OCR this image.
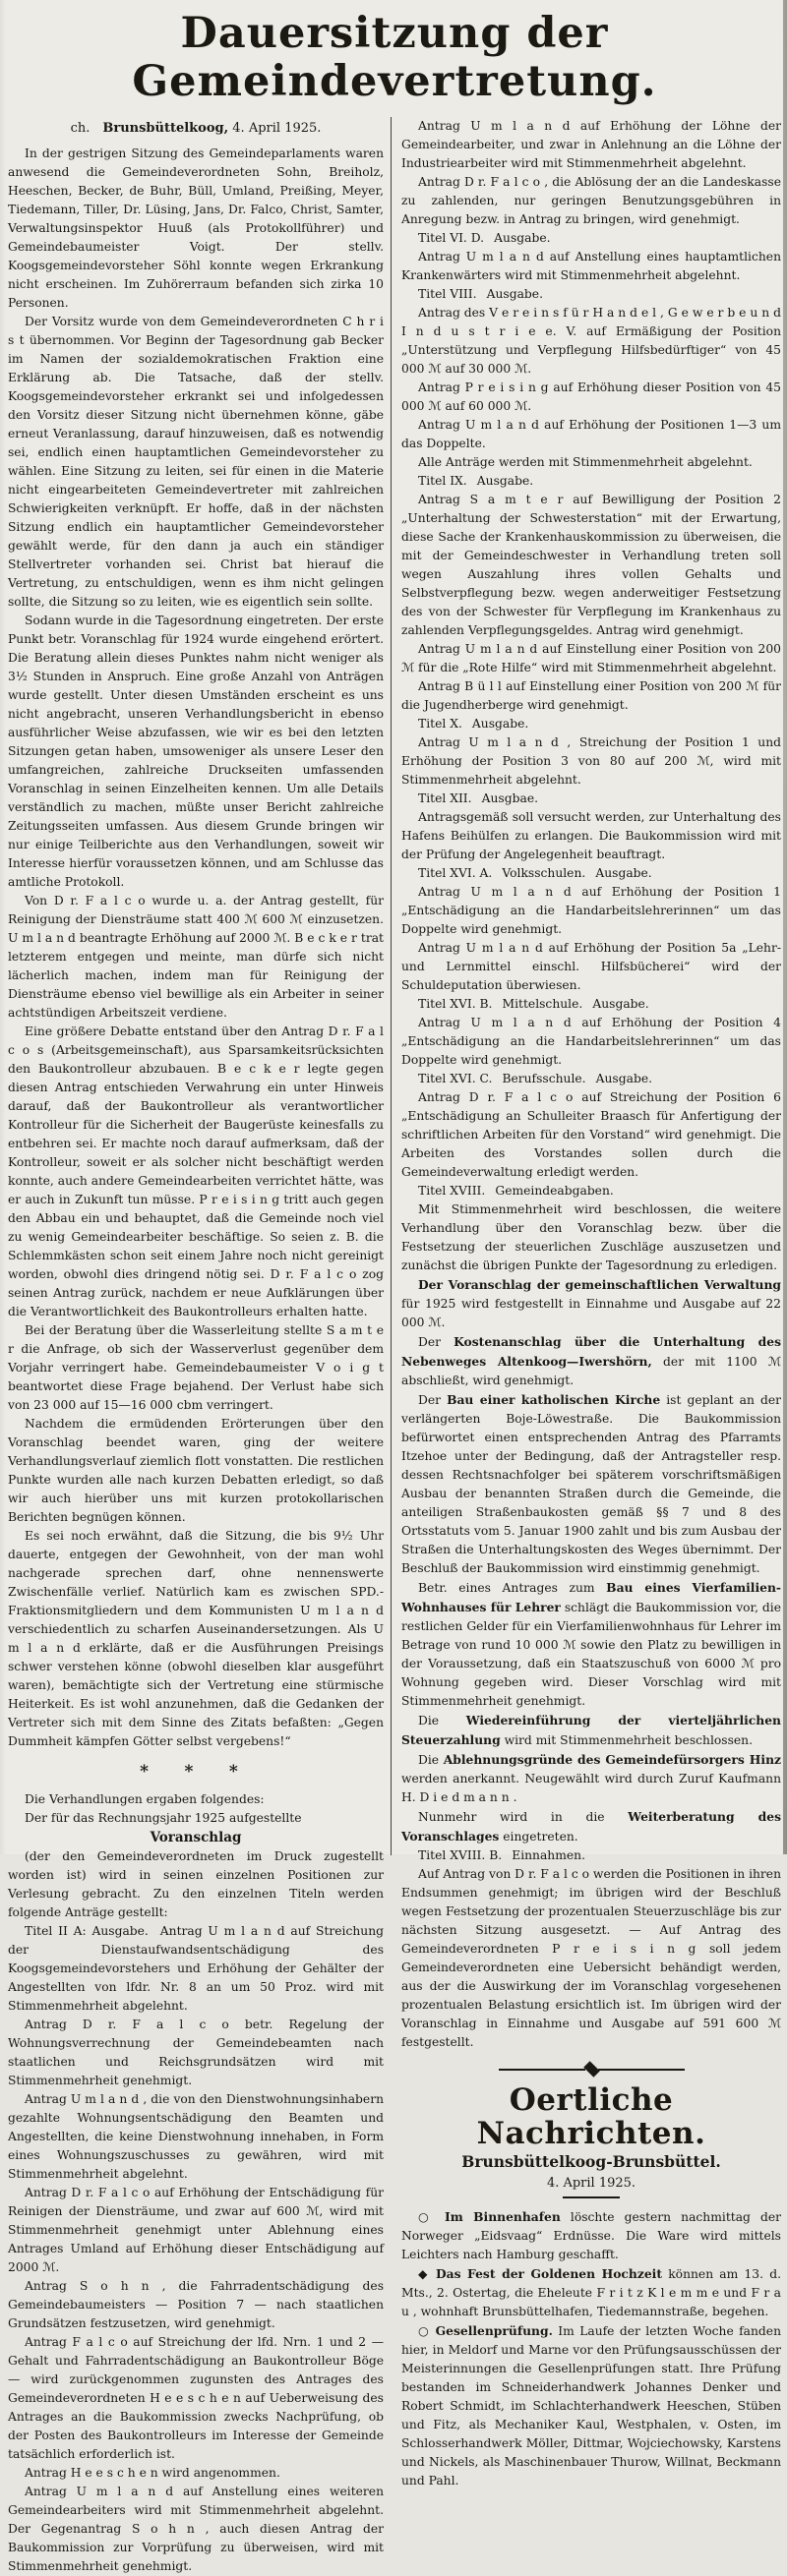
Dauersitzung der Gemeindevertretung.

ch. Brunsbüttelkoog, 4. April 1925.

In der gestrigen Sitzung des Gemeindeparlaments waren anwesend die Gemeindeverordneten Sohn, Breiholz, Heeschen, Becker, de Buhr, Büll, Umland, Preißing, Meyer, Tiedemann, Tiller, Dr. Lüsing, Jans, Dr. Falco, Christ, Samter, Verwaltungsinspektor Huuß (als Protokollführer) und Gemeindebaumeister Voigt. Der stellv. Koogsgemeindevorsteher Söhl konnte wegen Erkrankung nicht erscheinen. Im Zuhörerraum befanden sich zirka 10 Personen.

Der Vorsitz wurde von dem Gemeindeverordneten C h r i s t übernommen. Vor Beginn der Tagesordnung gab Becker im Namen der sozialdemokratischen Fraktion eine Erklärung ab. Die Tatsache, daß der stellv. Koogsgemeindevorsteher erkrankt sei und infolgedessen den Vorsitz dieser Sitzung nicht übernehmen könne, gäbe erneut Veranlassung, darauf hinzuweisen, daß es notwendig sei, endlich einen hauptamtlichen Gemeindevorsteher zu wählen. Eine Sitzung zu leiten, sei für einen in die Materie nicht eingearbeiteten Gemeindevertreter mit zahlreichen Schwierigkeiten verknüpft. Er hoffe, daß in der nächsten Sitzung endlich ein hauptamtlicher Gemeindevorsteher gewählt werde, für den dann ja auch ein ständiger Stellvertreter vorhanden sei. Christ bat hierauf die Vertretung, zu entschuldigen, wenn es ihm nicht gelingen sollte, die Sitzung so zu leiten, wie es eigentlich sein sollte.

Sodann wurde in die Tagesordnung eingetreten. Der erste Punkt betr. Voranschlag für 1924 wurde eingehend erörtert. Die Beratung allein dieses Punktes nahm nicht weniger als 3½ Stunden in Anspruch. Eine große Anzahl von Anträgen wurde gestellt. Unter diesen Umständen erscheint es uns nicht angebracht, unseren Verhandlungsbericht in ebenso ausführlicher Weise abzufassen, wie wir es bei den letzten Sitzungen getan haben, umsoweniger als unsere Leser den umfangreichen, zahlreiche Druckseiten umfassenden Voranschlag in seinen Einzelheiten kennen. Um alle Details verständlich zu machen, müßte unser Bericht zahlreiche Zeitungsseiten umfassen. Aus diesem Grunde bringen wir nur einige Teilberichte aus den Verhandlungen, soweit wir Interesse hierfür voraussetzen können, und am Schlusse das amtliche Protokoll.

Von D r. F a l c o wurde u. a. der Antrag gestellt, für Reinigung der Diensträume statt 400 ℳ 600 ℳ einzusetzen. U m l a n d beantragte Erhöhung auf 2000 ℳ. B e c k e r trat letzterem entgegen und meinte, man dürfe sich nicht lächerlich machen, indem man für Reinigung der Diensträume ebenso viel bewillige als ein Arbeiter in seiner achtstündigen Arbeitszeit verdiene.

Eine größere Debatte entstand über den Antrag D r. F a l c o s (Arbeitsgemeinschaft), aus Sparsamkeitsrücksichten den Baukontrolleur abzubauen. B e c k e r legte gegen diesen Antrag entschieden Verwahrung ein unter Hinweis darauf, daß der Baukontrolleur als verantwortlicher Kontrolleur für die Sicherheit der Baugerüste keinesfalls zu entbehren sei. Er machte noch darauf aufmerksam, daß der Kontrolleur, soweit er als solcher nicht beschäftigt werden konnte, auch andere Gemeindearbeiten verrichtet hätte, was er auch in Zukunft tun müsse. P r e i s i n g tritt auch gegen den Abbau ein und behauptet, daß die Gemeinde noch viel zu wenig Gemeindearbeiter beschäftige. So seien z. B. die Schlemmkästen schon seit einem Jahre noch nicht gereinigt worden, obwohl dies dringend nötig sei. D r. F a l c o zog seinen Antrag zurück, nachdem er neue Aufklärungen über die Verantwortlichkeit des Baukontrolleurs erhalten hatte.

Bei der Beratung über die Wasserleitung stellte S a m t e r die Anfrage, ob sich der Wasserverlust gegenüber dem Vorjahr verringert habe. Gemeindebaumeister V o i g t beantwortet diese Frage bejahend. Der Verlust habe sich von 23 000 auf 15—16 000 cbm verringert.

Nachdem die ermüdenden Erörterungen über den Voranschlag beendet waren, ging der weitere Verhandlungsverlauf ziemlich flott vonstatten. Die restlichen Punkte wurden alle nach kurzen Debatten erledigt, so daß wir auch hierüber uns mit kurzen protokollarischen Berichten begnügen können.

Es sei noch erwähnt, daß die Sitzung, die bis 9½ Uhr dauerte, entgegen der Gewohnheit, von der man wohl nachgerade sprechen darf, ohne nennenswerte Zwischenfälle verlief. Natürlich kam es zwischen SPD.-Fraktionsmitgliedern und dem Kommunisten U m l a n d verschiedentlich zu scharfen Auseinandersetzungen. Als U m l a n d erklärte, daß er die Ausführungen Preisings schwer verstehen könne (obwohl dieselben klar ausgeführt waren), bemächtigte sich der Vertretung eine stürmische Heiterkeit. Es ist wohl anzunehmen, daß die Gedanken der Vertreter sich mit dem Sinne des Zitats befaßten: „Gegen Dummheit kämpfen Götter selbst vergebens!“

* * *

Die Verhandlungen ergaben folgendes:

Der für das Rechnungsjahr 1925 aufgestellte

Voranschlag

(der den Gemeindeverordneten im Druck zugestellt worden ist) wird in seinen einzelnen Positionen zur Verlesung gebracht. Zu den einzelnen Titeln werden folgende Anträge gestellt:

Titel II A: Ausgabe.  Antrag U m l a n d auf Streichung der Dienstaufwandsentschädigung des Koogsgemeindevorstehers und Erhöhung der Gehälter der Angestellten von lfdr. Nr. 8 an um 50 Proz. wird mit Stimmenmehrheit abgelehnt.

Antrag D r. F a l c o betr. Regelung der Wohnungsverrechnung der Gemeindebeamten nach staatlichen und Reichsgrundsätzen wird mit Stimmenmehrheit genehmigt.

Antrag U m l a n d , die von den Dienstwohnungsinhabern gezahlte Wohnungsentschädigung den Beamten und Angestellten, die keine Dienstwohnung innehaben, in Form eines Wohnungszuschusses zu gewähren, wird mit Stimmenmehrheit abgelehnt.

Antrag D r. F a l c o auf Erhöhung der Entschädigung für Reinigen der Diensträume, und zwar auf 600 ℳ, wird mit Stimmenmehrheit genehmigt unter Ablehnung eines Antrages Umland auf Erhöhung dieser Entschädigung auf 2000 ℳ.

Antrag S o h n , die Fahrradentschädigung des Gemeindebaumeisters — Position 7 — nach staatlichen Grundsätzen festzusetzen, wird genehmigt.

Antrag F a l c o auf Streichung der lfd. Nrn. 1 und 2 — Gehalt und Fahrradentschädigung an Baukontrolleur Böge — wird zurückgenommen zugunsten des Antrages des Gemeindeverordneten H e e s c h e n auf Ueberweisung des Antrages an die Baukommission zwecks Nachprüfung, ob der Posten des Baukontrolleurs im Interesse der Gemeinde tatsächlich erforderlich ist.

Antrag H e e s c h e n wird angenommen.

Antrag U m l a n d auf Anstellung eines weiteren Gemeindearbeiters wird mit Stimmenmehrheit abgelehnt. Der Gegenantrag S o h n , auch diesen Antrag der Baukommission zur Vorprüfung zu überweisen, wird mit Stimmenmehrheit genehmigt.

Antrag U m l a n d auf Erhöhung der Löhne der Gemeindearbeiter, und zwar in Anlehnung an die Löhne der Industriearbeiter wird mit Stimmenmehrheit abgelehnt.

Antrag D r. F a l c o , die Ablösung der an die Landeskasse zu zahlenden, nur geringen Benutzungsgebühren in Anregung bezw. in Antrag zu bringen, wird genehmigt.

Titel VI. D.  Ausgabe.

Antrag U m l a n d auf Anstellung eines hauptamtlichen Krankenwärters wird mit Stimmenmehrheit abgelehnt.

Titel VIII.  Ausgabe.

Antrag des V e r e i n s f ü r H a n d e l , G e w e r b e u n d I n d u s t r i e e. V. auf Ermäßigung der Position „Unterstützung und Verpflegung Hilfsbedürftiger“ von 45 000 ℳ auf 30 000 ℳ.

Antrag P r e i s i n g auf Erhöhung dieser Position von 45 000 ℳ auf 60 000 ℳ.

Antrag U m l a n d auf Erhöhung der Positionen 1—3 um das Doppelte.

Alle Anträge werden mit Stimmenmehrheit abgelehnt.

Titel IX.  Ausgabe.

Antrag S a m t e r auf Bewilligung der Position 2 „Unterhaltung der Schwesterstation“ mit der Erwartung, diese Sache der Krankenhauskommission zu überweisen, die mit der Gemeindeschwester in Verhandlung treten soll wegen Auszahlung ihres vollen Gehalts und Selbstverpflegung bezw. wegen anderweitiger Festsetzung des von der Schwester für Verpflegung im Krankenhaus zu zahlenden Verpflegungsgeldes. Antrag wird genehmigt.

Antrag U m l a n d auf Einstellung einer Position von 200 ℳ für die „Rote Hilfe“ wird mit Stimmenmehrheit abgelehnt.

Antrag B ü l l auf Einstellung einer Position von 200 ℳ für die Jugendherberge wird genehmigt.

Titel X.  Ausgabe.

Antrag U m l a n d , Streichung der Position 1 und Erhöhung der Position 3 von 80 auf 200 ℳ, wird mit Stimmenmehrheit abgelehnt.

Titel XII.  Ausgbae.

Antragsgemäß soll versucht werden, zur Unterhaltung des Hafens Beihülfen zu erlangen. Die Baukommission wird mit der Prüfung der Angelegenheit beauftragt.

Titel XVI. A.  Volksschulen.  Ausgabe.

Antrag U m l a n d auf Erhöhung der Position 1 „Entschädigung an die Handarbeitslehrerinnen“ um das Doppelte wird genehmigt.

Antrag U m l a n d auf Erhöhung der Position 5a „Lehr- und Lernmittel einschl. Hilfsbücherei“ wird der Schuldeputation überwiesen.

Titel XVI. B.  Mittelschule.  Ausgabe.

Antrag U m l a n d auf Erhöhung der Position 4 „Entschädigung an die Handarbeitslehrerinnen“ um das Doppelte wird genehmigt.

Titel XVI. C.  Berufsschule.  Ausgabe.

Antrag D r. F a l c o auf Streichung der Position 6 „Entschädigung an Schulleiter Braasch für Anfertigung der schriftlichen Arbeiten für den Vorstand“ wird genehmigt. Die Arbeiten des Vorstandes sollen durch die Gemeindeverwaltung erledigt werden.

Titel XVIII.  Gemeindeabgaben.

Mit Stimmenmehrheit wird beschlossen, die weitere Verhandlung über den Voranschlag bezw. über die Festsetzung der steuerlichen Zuschläge auszusetzen und zunächst die übrigen Punkte der Tagesordnung zu erledigen.

Der Voranschlag der gemeinschaftlichen Verwaltung für 1925 wird festgestellt in Einnahme und Ausgabe auf 22 000 ℳ.

Der Kostenanschlag über die Unterhaltung des Nebenweges Altenkoog—Iwershörn, der mit 1100 ℳ abschließt, wird genehmigt.

Der Bau einer katholischen Kirche ist geplant an der verlängerten Boje-Löwestraße. Die Baukommission befürwortet einen entsprechenden Antrag des Pfarramts Itzehoe unter der Bedingung, daß der Antragsteller resp. dessen Rechtsnachfolger bei späterem vorschriftsmäßigen Ausbau der benannten Straßen durch die Gemeinde, die anteiligen Straßenbaukosten gemäß §§ 7 und 8 des Ortsstatuts vom 5. Januar 1900 zahlt und bis zum Ausbau der Straßen die Unterhaltungskosten des Weges übernimmt. Der Beschluß der Baukommission wird einstimmig genehmigt.

Betr. eines Antrages zum Bau eines Vierfamilien-Wohnhauses für Lehrer schlägt die Baukommission vor, die restlichen Gelder für ein Vierfamilienwohnhaus für Lehrer im Betrage von rund 10 000 ℳ sowie den Platz zu bewilligen in der Voraussetzung, daß ein Staatszuschuß von 6000 ℳ pro Wohnung gegeben wird. Dieser Vorschlag wird mit Stimmenmehrheit genehmigt.

Die Wiedereinführung der vierteljährlichen Steuerzahlung wird mit Stimmenmehrheit beschlossen.

Die Ablehnungsgründe des Gemeindefürsorgers Hinz werden anerkannt. Neugewählt wird durch Zuruf Kaufmann H. D i e d m a n n .

Nunmehr wird in die Weiterberatung des Voranschlages eingetreten.

Titel XVIII. B.  Einnahmen.

Auf Antrag von D r. F a l c o werden die Positionen in ihren Endsummen genehmigt; im übrigen wird der Beschluß wegen Festsetzung der prozentualen Steuerzuschläge bis zur nächsten Sitzung ausgesetzt. — Auf Antrag des Gemeindeverordneten P r e i s i n g soll jedem Gemeindeverordneten eine Uebersicht behändigt werden, aus der die Auswirkung der im Voranschlag vorgesehenen prozentualen Belastung ersichtlich ist. Im übrigen wird der Voranschlag in Einnahme und Ausgabe auf 591 600 ℳ festgestellt.

Oertliche Nachrichten.
Brunsbüttelkoog-Brunsbüttel.
4. April 1925.

○ Im Binnenhafen löschte gestern nachmittag der Norweger „Eidsvaag“ Erdnüsse. Die Ware wird mittels Leichters nach Hamburg geschafft.

◆ Das Fest der Goldenen Hochzeit können am 13. d. Mts., 2. Ostertag, die Eheleute F r i t z K l e m m e und F r a u , wohnhaft Brunsbüttelhafen, Tiedemannstraße, begehen.

○ Gesellenprüfung. Im Laufe der letzten Woche fanden hier, in Meldorf und Marne vor den Prüfungsausschüssen der Meisterinnungen die Gesellenprüfungen statt. Ihre Prüfung bestanden im Schneiderhandwerk Johannes Denker und Robert Schmidt, im Schlachterhandwerk Heeschen, Stüben und Fitz, als Mechaniker Kaul, Westphalen, v. Osten, im Schlosserhandwerk Möller, Dittmar, Wojciechowsky, Karstens und Nickels, als Maschinenbauer Thurow, Willnat, Beckmann und Pahl.
